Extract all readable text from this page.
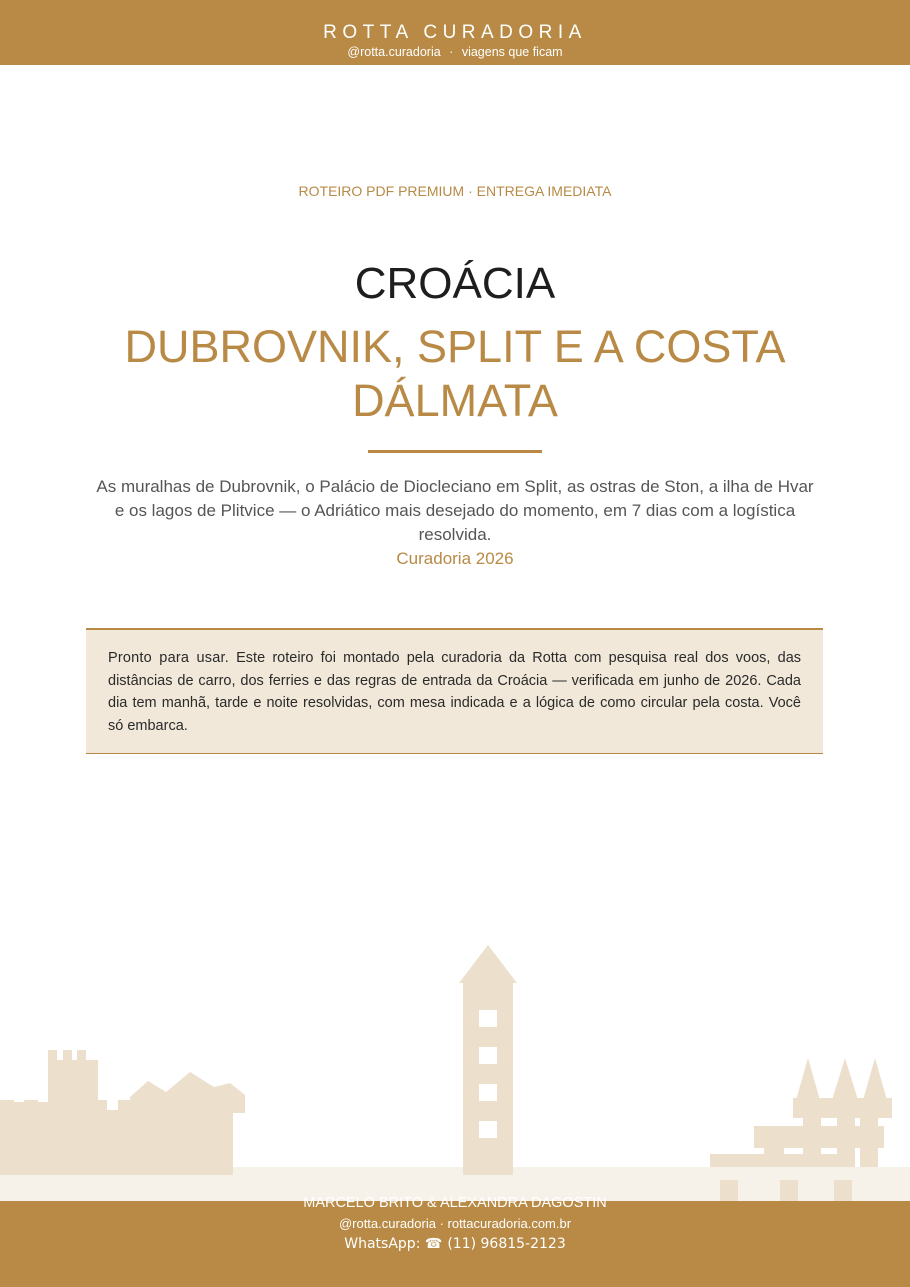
ROTTA CURADORIA
@rotta.curadoria · viagens que ficam
ROTEIRO PDF PREMIUM · ENTREGA IMEDIATA
CROÁCIA
DUBROVNIK, SPLIT E A COSTA DÁLMATA
As muralhas de Dubrovnik, o Palácio de Diocleciano em Split, as ostras de Ston, a ilha de Hvar e os lagos de Plitvice — o Adriático mais desejado do momento, em 7 dias com a logística resolvida.
Curadoria 2026
Pronto para usar. Este roteiro foi montado pela curadoria da Rotta com pesquisa real dos voos, das distâncias de carro, dos ferries e das regras de entrada da Croácia — verificada em junho de 2026. Cada dia tem manhã, tarde e noite resolvidas, com mesa indicada e a lógica de como circular pela costa. Você só embarca.
MARCELO BRITO & ALEXANDRA DAGOSTIN
@rotta.curadoria · rottacuradoria.com.br
WhatsApp: ☎ (11) 96815-2123
